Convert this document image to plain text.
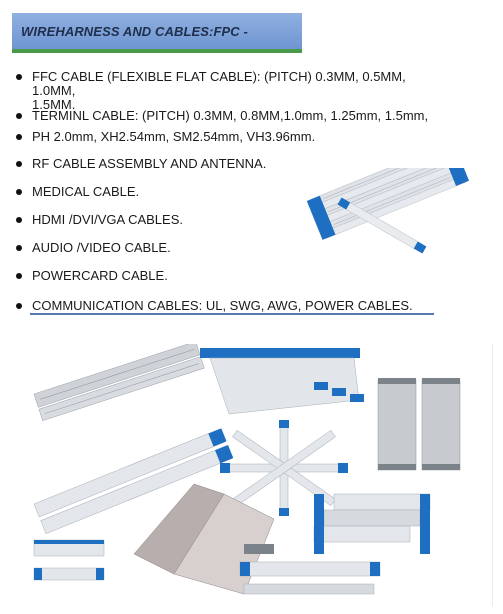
WIREHARNESS AND CABLES:FPC -
FFC CABLE (FLEXIBLE FLAT CABLE): (PITCH) 0.3MM, 0.5MM, 1.0MM,
1.5MM.
TERMINL CABLE: (PITCH) 0.3MM, 0.8MM,1.0mm, 1.25mm, 1.5mm,
PH 2.0mm, XH2.54mm, SM2.54mm, VH3.96mm.
RF CABLE ASSEMBLY AND ANTENNA.
MEDICAL CABLE.
HDMI /DVI/VGA CABLES.
AUDIO /VIDEO CABLE.
POWERCARD CABLE.
COMMUNICATION CABLES: UL, SWG, AWG, POWER CABLES.
